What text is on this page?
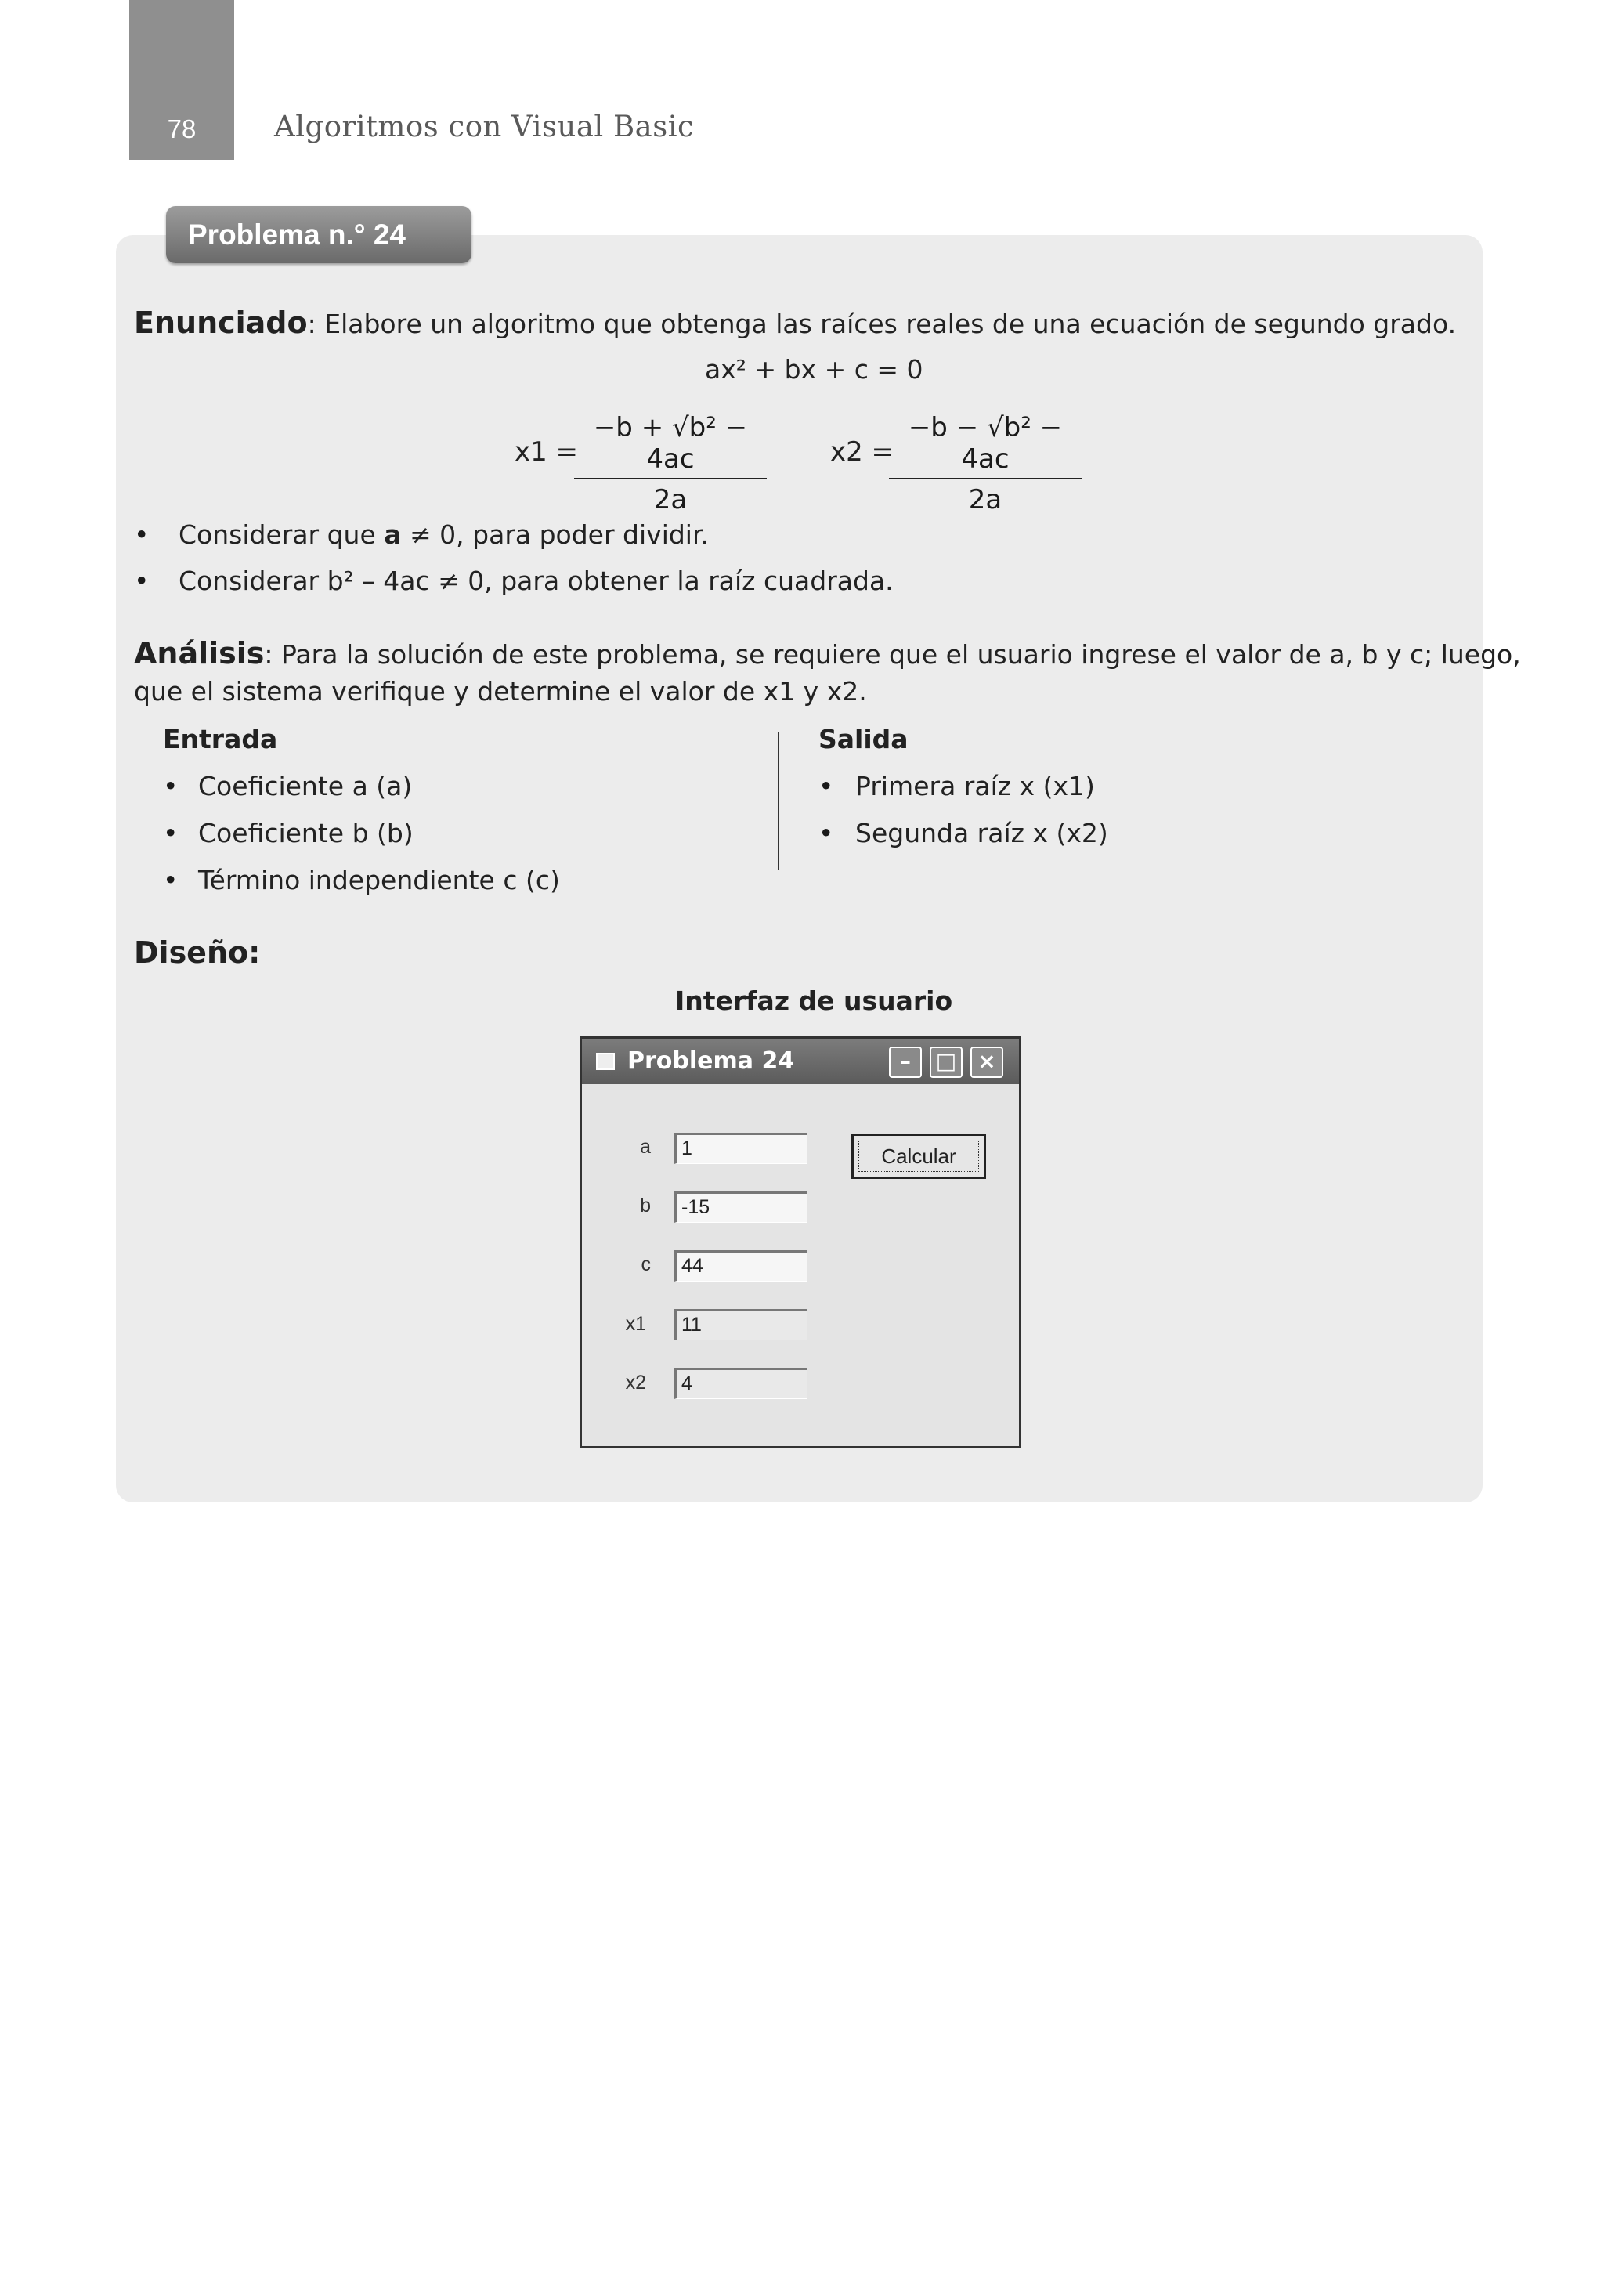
78	Algoritmos con Visual Basic
Problema n.° 24
Enunciado: Elabore un algoritmo que obtenga las raíces reales de una ecuación de segundo grado.
ax² + bx + c = 0
x1 =
$\frac{\text{−b + √b² − 4ac}}{2a} x2$ =
$\frac{\text{−b − √b² − 4ac}}{2a}$
• Considerar que a ≠ 0, para poder dividir.
• Considerar b² – 4ac ≠ 0, para obtener la raíz cuadrada.
Análisis: Para la solución de este problema, se requiere que el usuario ingrese el valor de a, b y c; luego,
que el sistema verifique y determine el valor de x1 y x2.
Entrada
• Coeficiente a (a)
• Coeficiente b (b)
• Término independiente c (c)
Salida
• Primera raíz x (x1)
• Segunda raíz x (x2)
Diseño:
Interfaz de usuario
Problema 24	–	□ ×
a	1
b	-15
c	44
x1	11
x2	4
Calcular
